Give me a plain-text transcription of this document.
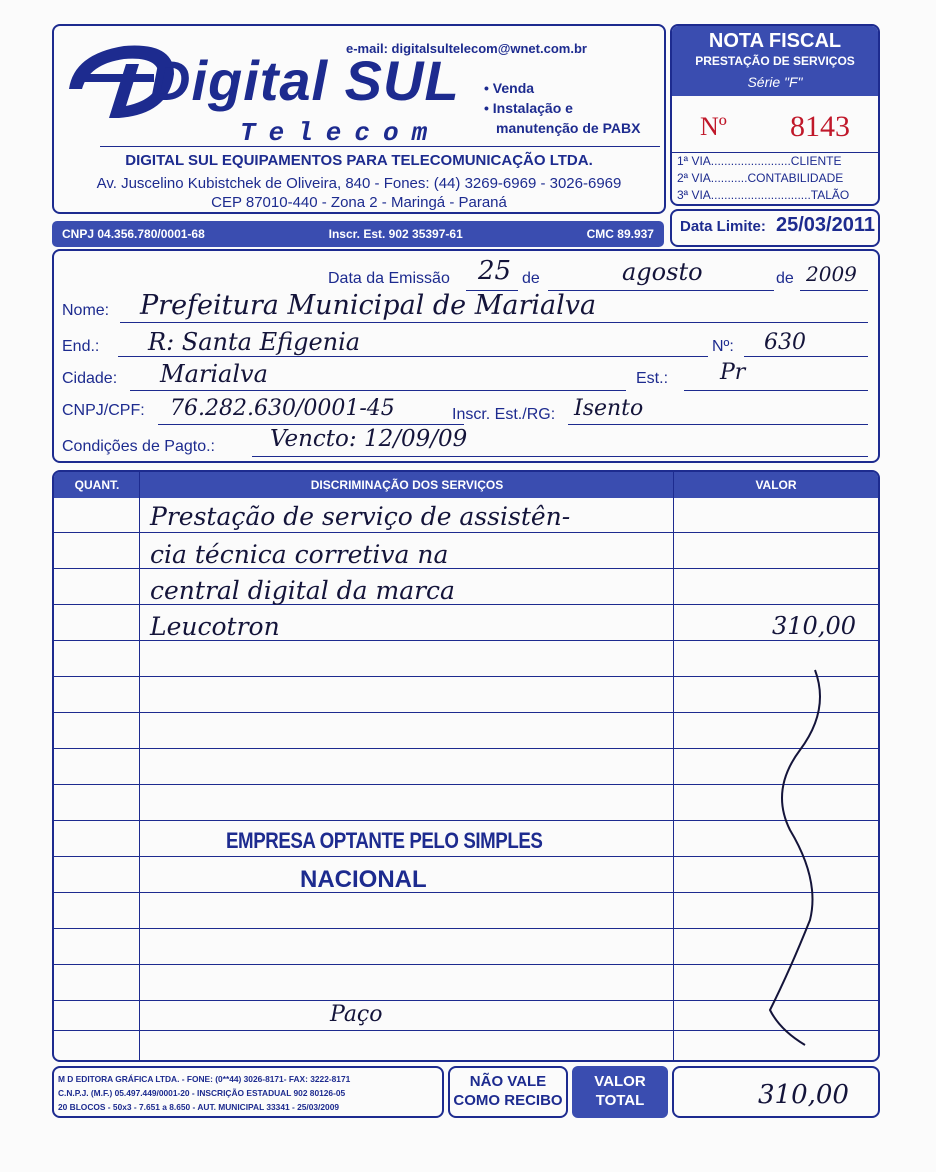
e-mail: digitalsultelecom@wnet.com.br
Digital SUL
Telecom
• Venda
• Instalação e
manutenção de PABX
DIGITAL SUL EQUIPAMENTOS PARA TELECOMUNICAÇÃO LTDA.
Av. Juscelino Kubistchek de Oliveira, 840 - Fones: (44) 3269-6969 - 3026-6969
CEP 87010-440 - Zona 2 - Maringá - Paraná
NOTA FISCAL
PRESTAÇÃO DE SERVIÇOS
Série "F"
Nº 8143
1ª VIA........................CLIENTE
2ª VIA...........CONTABILIDADE
3ª VIA..............................TALÃO
CNPJ 04.356.780/0001-68	Inscr. Est. 902 35397-61	CMC 89.937 Data Limite: 25/03/2011
Data da Emissão 25 de	agosto	de 2009
Nome: Prefeitura Municipal de Marialva
End.: R: Santa Efigenia	Nº: 630
Cidade: Marialva	Est.: Pr
CNPJ/CPF: 76.282.630/0001-45	Inscr. Est./RG: Isento
Condições de Pagto.: Vencto: 12/09/09
QUANT.	DISCRIMINAÇÃO DOS SERVIÇOS	VALOR
Prestação de serviço de assistên-
cia técnica corretiva na
central digital da marca
Leucotron	310,00
EMPRESA OPTANTE PELO SIMPLES
NACIONAL
Paço
M D EDITORA GRÁFICA LTDA. - FONE: (0**44) 3026-8171- FAX: 3222-8171
C.N.P.J. (M.F.) 05.497.449/0001-20 - INSCRIÇÃO ESTADUAL 902 80126-05
20 BLOCOS - 50x3 - 7.651 a 8.650 - AUT. MUNICIPAL 33341 - 25/03/2009
NÃO VALE
COMO RECIBO
VALOR
TOTAL	310,00
